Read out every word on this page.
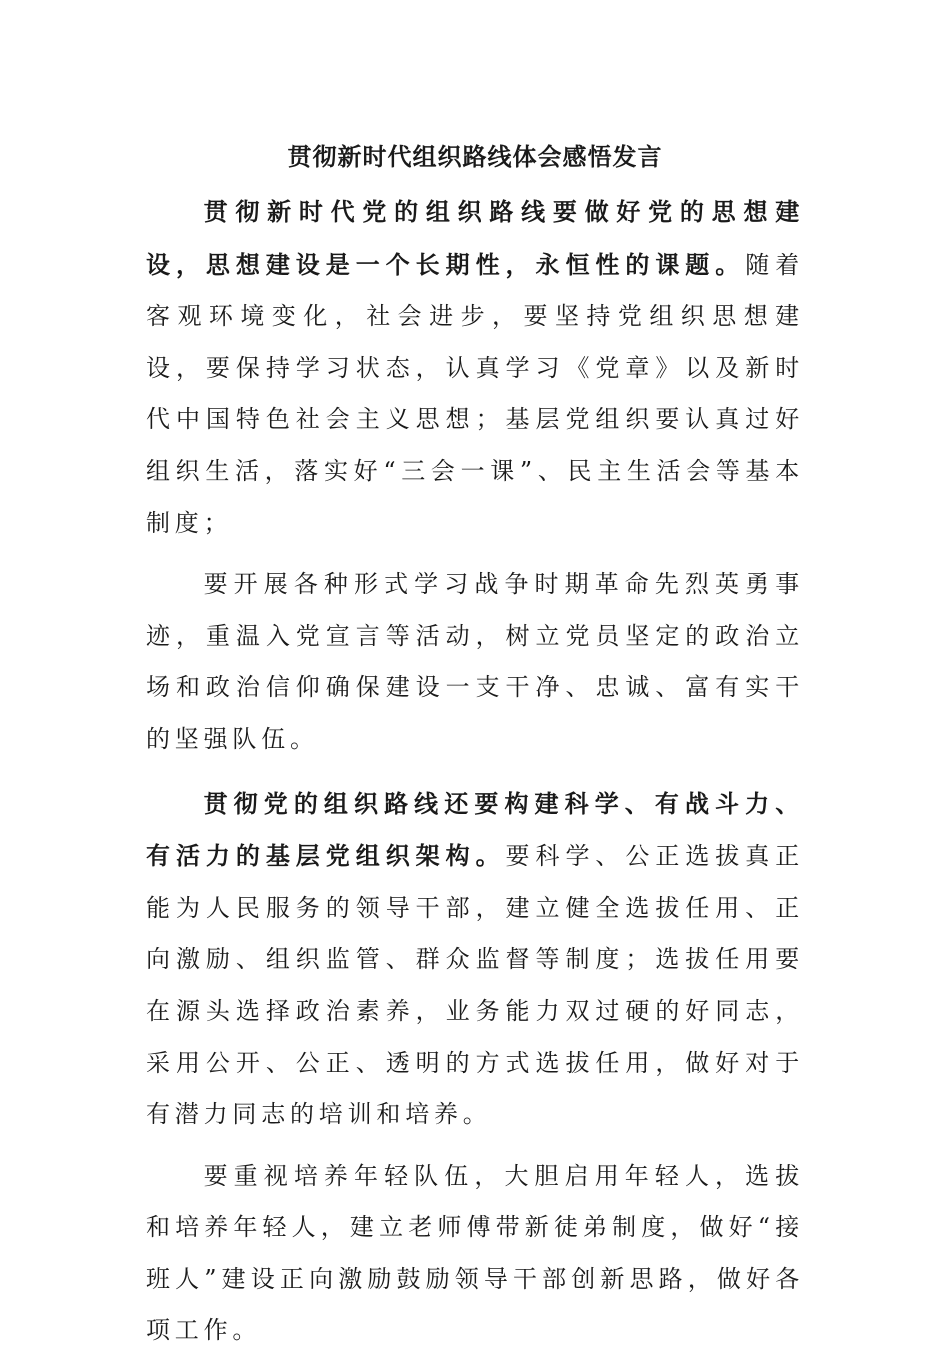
贯彻新时代组织路线体会感悟发言

贯彻新时代党的组织路线要做好党的思想建设，思想建设是一个长期性，永恒性的课题。随着客观环境变化，社会进步，要坚持党组织思想建设，要保持学习状态，认真学习《党章》以及新时代中国特色社会主义思想；基层党组织要认真过好组织生活，落实好“三会一课”、民主生活会等基本制度；

要开展各种形式学习战争时期革命先烈英勇事迹，重温入党宣言等活动，树立党员坚定的政治立场和政治信仰确保建设一支干净、忠诚、富有实干的坚强队伍。

贯彻党的组织路线还要构建科学、有战斗力、有活力的基层党组织架构。要科学、公正选拔真正能为人民服务的领导干部，建立健全选拔任用、正向激励、组织监管、群众监督等制度；选拔任用要在源头选择政治素养，业务能力双过硬的好同志，采用公开、公正、透明的方式选拔任用，做好对于有潜力同志的培训和培养。

要重视培养年轻队伍，大胆启用年轻人，选拔和培养年轻人，建立老师傅带新徒弟制度，做好“接班人”建设正向激励鼓励领导干部创新思路，做好各项工作。
